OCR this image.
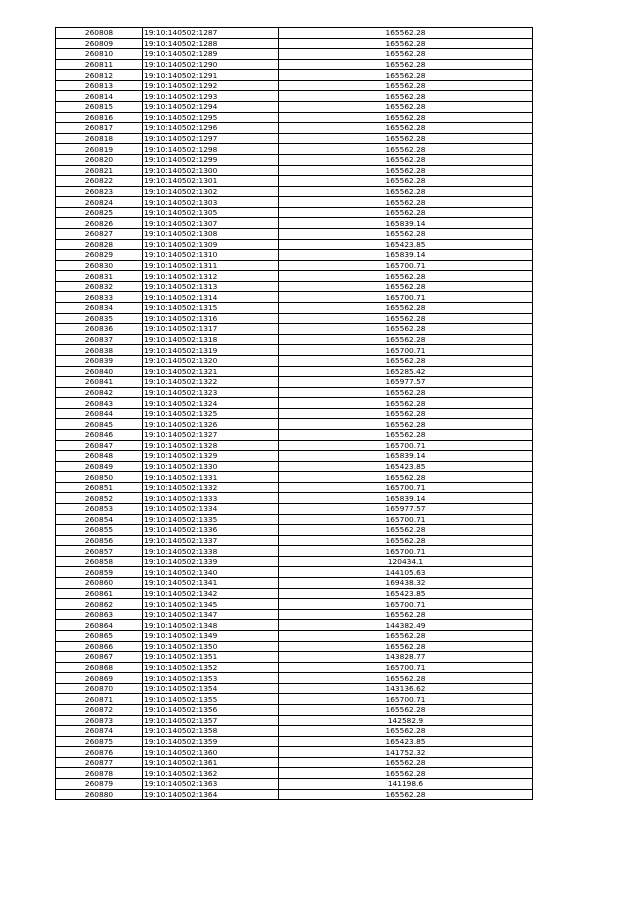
260808	19:10:140502:1287	165562.28
260809	19:10:140502:1288	165562.28
260810	19:10:140502:1289	165562.28
260811	19:10:140502:1290	165562.28
260812	19:10:140502:1291	165562.28
260813	19:10:140502:1292	165562.28
260814	19:10:140502:1293	165562.28
260815	19:10:140502:1294	165562.28
260816	19:10:140502:1295	165562.28
260817	19:10:140502:1296	165562.28
260818	19:10:140502:1297	165562.28
260819	19:10:140502:1298	165562.28
260820	19:10:140502:1299	165562.28
260821	19:10:140502:1300	165562.28
260822	19:10:140502:1301	165562.28
260823	19:10:140502:1302	165562.28
260824	19:10:140502:1303	165562.28
260825	19:10:140502:1305	165562.28
260826	19:10:140502:1307	165839.14
260827	19:10:140502:1308	165562.28
260828	19:10:140502:1309	165423.85
260829	19:10:140502:1310	165839.14
260830	19:10:140502:1311	165700.71
260831	19:10:140502:1312	165562.28
260832	19:10:140502:1313	165562.28
260833	19:10:140502:1314	165700.71
260834	19:10:140502:1315	165562.28
260835	19:10:140502:1316	165562.28
260836	19:10:140502:1317	165562.28
260837	19:10:140502:1318	165562.28
260838	19:10:140502:1319	165700.71
260839	19:10:140502:1320	165562.28
260840	19:10:140502:1321	165285.42
260841	19:10:140502:1322	165977.57
260842	19:10:140502:1323	165562.28
260843	19:10:140502:1324	165562.28
260844	19:10:140502:1325	165562.28
260845	19:10:140502:1326	165562.28
260846	19:10:140502:1327	165562.28
260847	19:10:140502:1328	165700.71
260848	19:10:140502:1329	165839.14
260849	19:10:140502:1330	165423.85
260850	19:10:140502:1331	165562.28
260851	19:10:140502:1332	165700.71
260852	19:10:140502:1333	165839.14
260853	19:10:140502:1334	165977.57
260854	19:10:140502:1335	165700.71
260855	19:10:140502:1336	165562.28
260856	19:10:140502:1337	165562.28
260857	19:10:140502:1338	165700.71
260858	19:10:140502:1339	120434.1
260859	19:10:140502:1340	144105.63
260860	19:10:140502:1341	169438.32
260861	19:10:140502:1342	165423.85
260862	19:10:140502:1345	165700.71
260863	19:10:140502:1347	165562.28
260864	19:10:140502:1348	144382.49
260865	19:10:140502:1349	165562.28
260866	19:10:140502:1350	165562.28
260867	19:10:140502:1351	143828.77
260868	19:10:140502:1352	165700.71
260869	19:10:140502:1353	165562.28
260870	19:10:140502:1354	143136.62
260871	19:10:140502:1355	165700.71
260872	19:10:140502:1356	165562.28
260873	19:10:140502:1357	142582.9
260874	19:10:140502:1358	165562.28
260875	19:10:140502:1359	165423.85
260876	19:10:140502:1360	141752.32
260877	19:10:140502:1361	165562.28
260878	19:10:140502:1362	165562.28
260879	19:10:140502:1363	141198.6
260880	19:10:140502:1364	165562.28
